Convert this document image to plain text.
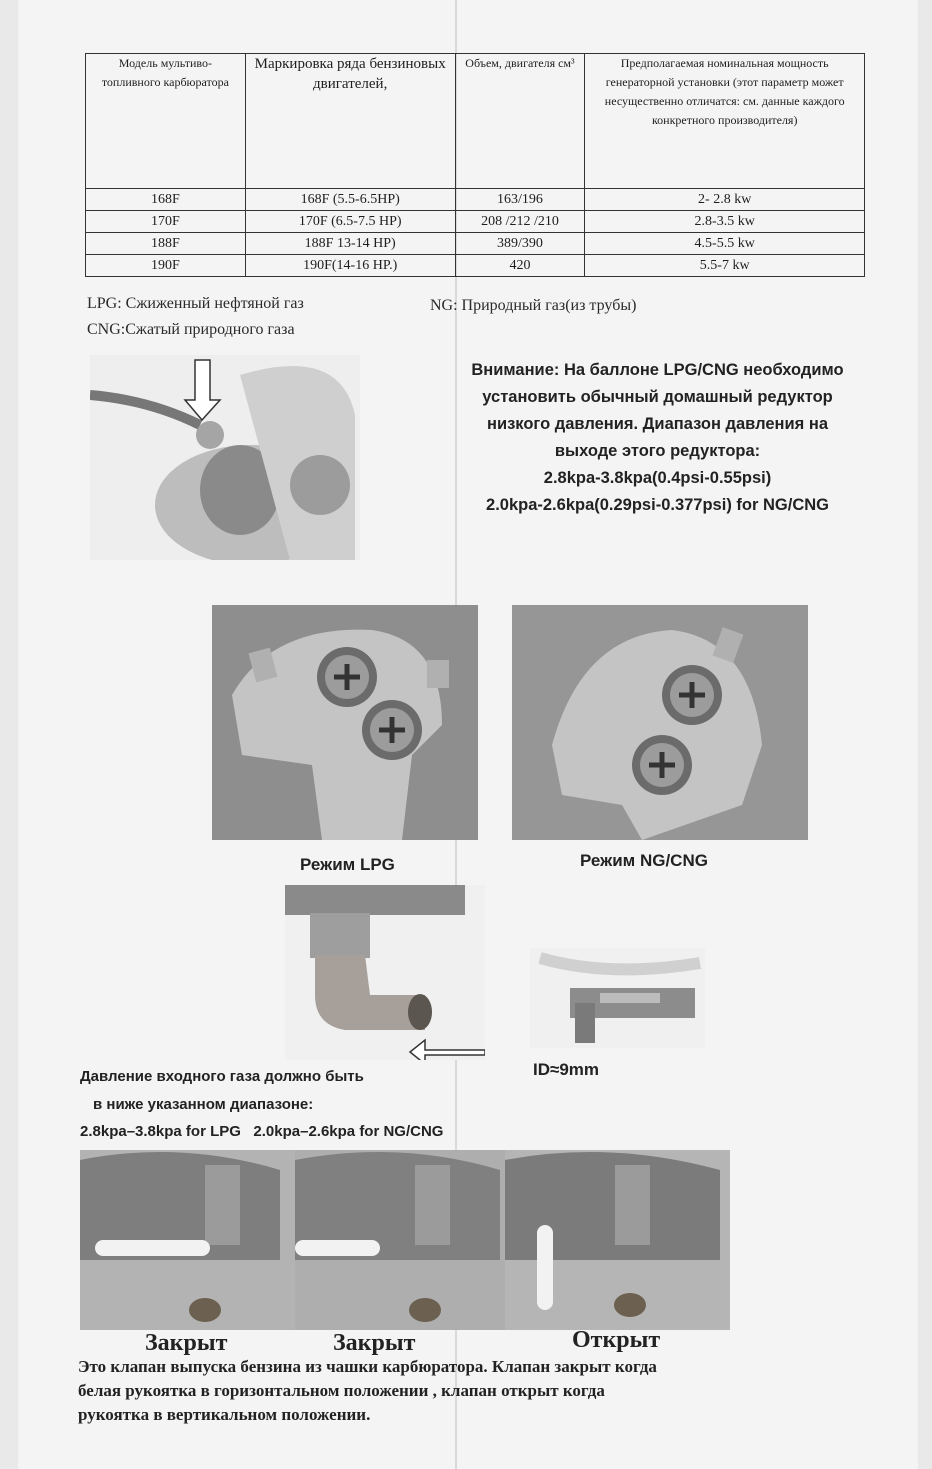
Модель мультиво-топливного карбюратора	Маркировка ряда бензиновых двигателей,	Объем, двигателя см³	Предполагаемая номинальная мощность генераторной установки (этот параметр может несущественно отличатся: см. данные каждого конкретного производителя)
168F	168F (5.5-6.5HP)	163/196	2- 2.8 kw
170F	170F (6.5-7.5 HP)	208 /212 /210	2.8-3.5 kw
188F	188F 13-14 HP)	389/390	4.5-5.5 kw
190F	190F(14-16 HP.)	420	5.5-7 kw
LPG: Сжиженный нефтяной газ	NG: Природный газ(из трубы)
CNG:Сжатый природного газа
Внимание: На баллоне LPG/CNG необходимо
установить обычный домашный редуктор
низкого давления. Диапазон давления на
выходе этого редуктора:
2.8kpa-3.8kpa(0.4psi-0.55psi)
2.0kpa-2.6kpa(0.29psi-0.377psi) for NG/CNG
Режим LPG	Режим NG/CNG
ID≈9mm
Давление входного газа должно быть
в ниже указанном диапазоне:
2.8kpa–3.8kpa for LPG   2.0kpa–2.6kpa for NG/CNG
Закрыт	Закрыт	Открыт
Это клапан выпуска бензина из чашки карбюратора. Клапан закрыт когда
белая рукоятка в горизонтальном положении , клапан открыт когда
рукоятка в вертикальном положении.
